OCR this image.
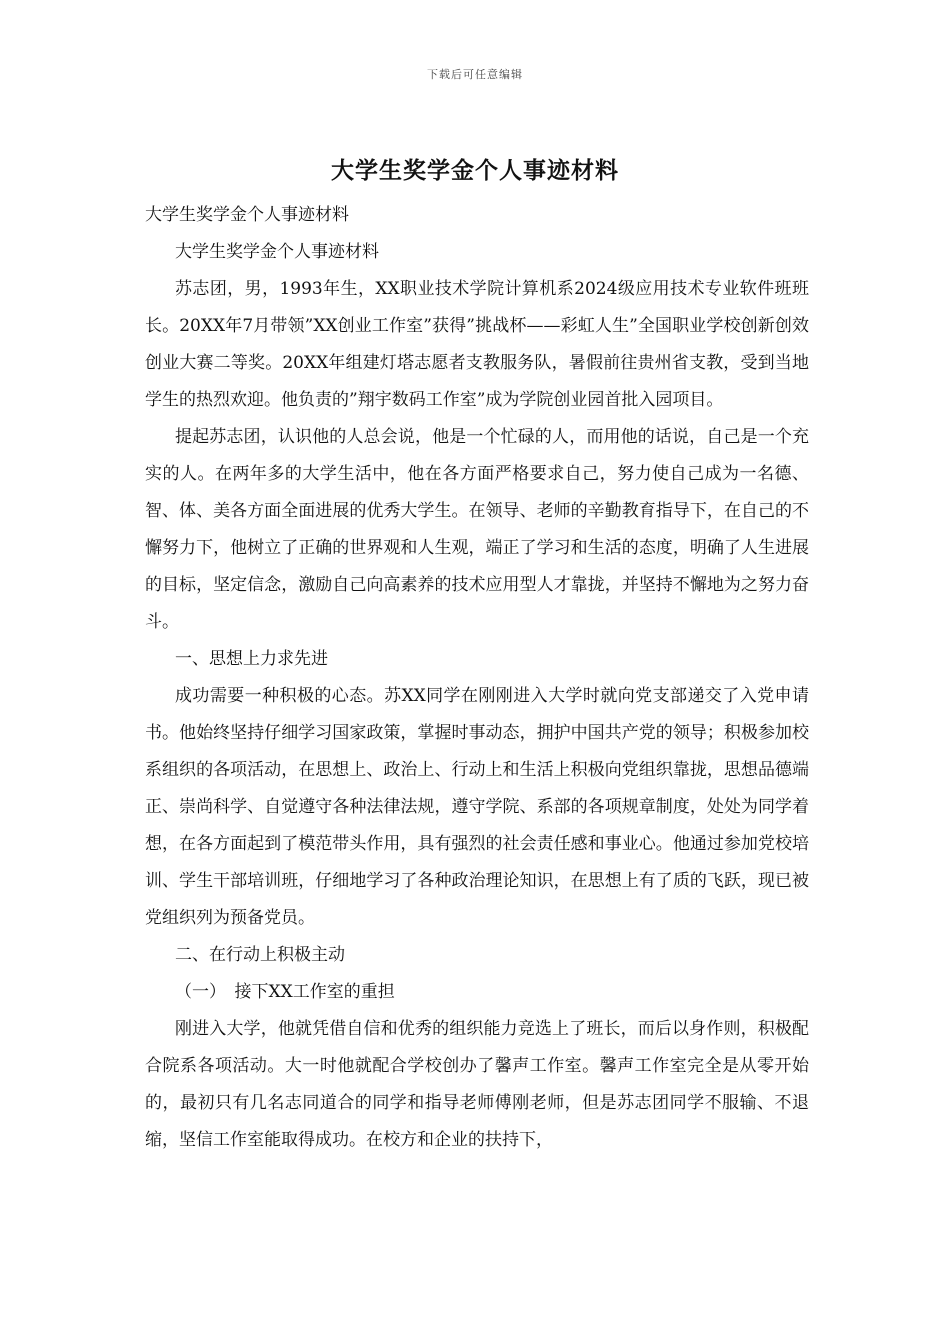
下载后可任意编辑
大学生奖学金个人事迹材料

大学生奖学金个人事迹材料

大学生奖学金个人事迹材料

苏志团，男，1993年生，XX职业技术学院计算机系2024级应用技术专业软件班班长。20XX年7月带领”XX创业工作室”获得”挑战杯——彩虹人生”全国职业学校创新创效创业大赛二等奖。20XX年组建灯塔志愿者支教服务队，暑假前往贵州省支教，受到当地学生的热烈欢迎。他负责的”翔宇数码工作室”成为学院创业园首批入园项目。

提起苏志团，认识他的人总会说，他是一个忙碌的人，而用他的话说，自己是一个充实的人。在两年多的大学生活中，他在各方面严格要求自己，努力使自己成为一名德、智、体、美各方面全面进展的优秀大学生。在领导、老师的辛勤教育指导下，在自己的不懈努力下，他树立了正确的世界观和人生观，端正了学习和生活的态度，明确了人生进展的目标，坚定信念，激励自己向高素养的技术应用型人才靠拢，并坚持不懈地为之努力奋斗。

一、思想上力求先进

成功需要一种积极的心态。苏XX同学在刚刚进入大学时就向党支部递交了入党申请书。他始终坚持仔细学习国家政策，掌握时事动态，拥护中国共产党的领导；积极参加校系组织的各项活动，在思想上、政治上、行动上和生活上积极向党组织靠拢，思想品德端正、崇尚科学、自觉遵守各种法律法规，遵守学院、系部的各项规章制度，处处为同学着想，在各方面起到了模范带头作用，具有强烈的社会责任感和事业心。他通过参加党校培训、学生干部培训班，仔细地学习了各种政治理论知识，在思想上有了质的飞跃，现已被党组织列为预备党员。

二、在行动上积极主动

（一）　接下XX工作室的重担

刚进入大学，他就凭借自信和优秀的组织能力竞选上了班长，而后以身作则，积极配合院系各项活动。大一时他就配合学校创办了馨声工作室。馨声工作室完全是从零开始的，最初只有几名志同道合的同学和指导老师傅刚老师，但是苏志团同学不服输、不退缩，坚信工作室能取得成功。在校方和企业的扶持下，
